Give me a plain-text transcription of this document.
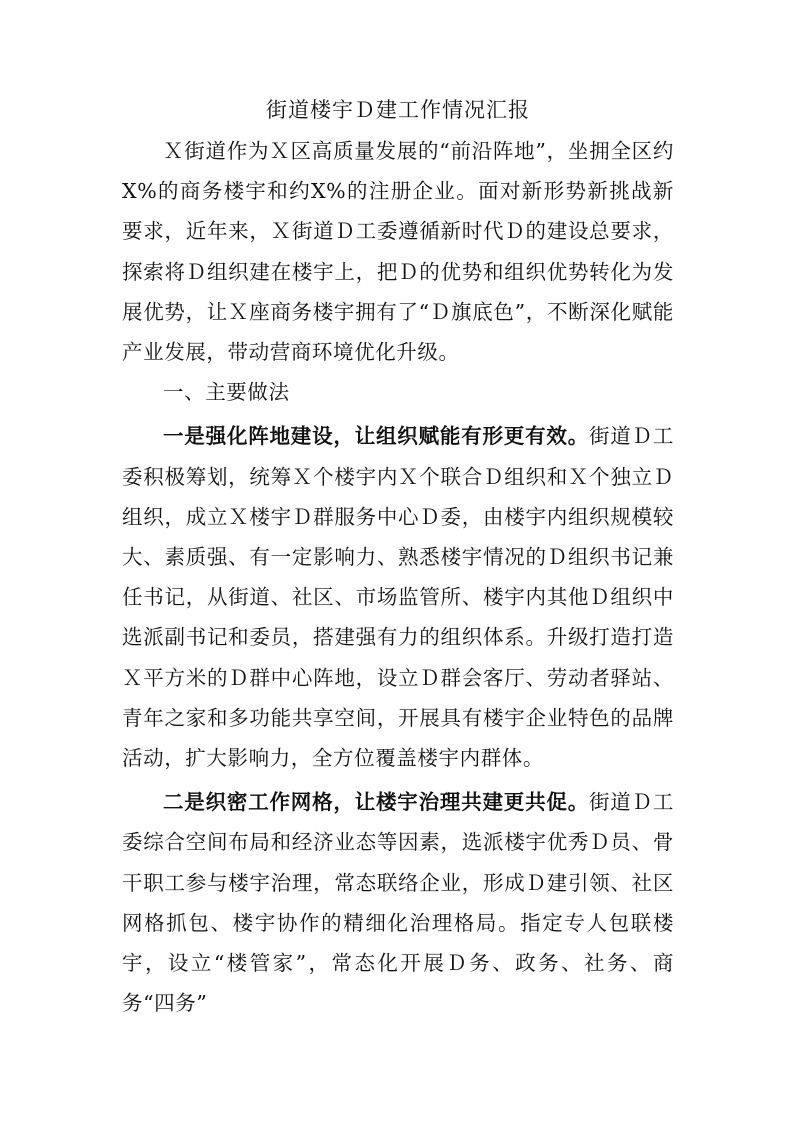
街道楼宇Ｄ建工作情况汇报

Ｘ街道作为Ｘ区高质量发展的“前沿阵地”，坐拥全区约X%的商务楼宇和约X%的注册企业。面对新形势新挑战新要求，近年来，Ｘ街道Ｄ工委遵循新时代Ｄ的建设总要求，探索将Ｄ组织建在楼宇上，把Ｄ的优势和组织优势转化为发展优势，让Ｘ座商务楼宇拥有了“Ｄ旗底色”，不断深化赋能产业发展，带动营商环境优化升级。

一、主要做法

一是强化阵地建设，让组织赋能有形更有效。街道Ｄ工委积极筹划，统筹Ｘ个楼宇内Ｘ个联合Ｄ组织和Ｘ个独立Ｄ组织，成立Ｘ楼宇Ｄ群服务中心Ｄ委，由楼宇内组织规模较大、素质强、有一定影响力、熟悉楼宇情况的Ｄ组织书记兼任书记，从街道、社区、市场监管所、楼宇内其他Ｄ组织中选派副书记和委员，搭建强有力的组织体系。升级打造打造Ｘ平方米的Ｄ群中心阵地，设立Ｄ群会客厅、劳动者驿站、青年之家和多功能共享空间，开展具有楼宇企业特色的品牌活动，扩大影响力，全方位覆盖楼宇内群体。

二是织密工作网格，让楼宇治理共建更共促。街道Ｄ工委综合空间布局和经济业态等因素，选派楼宇优秀Ｄ员、骨干职工参与楼宇治理，常态联络企业，形成Ｄ建引领、社区网格抓包、楼宇协作的精细化治理格局。指定专人包联楼宇，设立“楼管家”，常态化开展Ｄ务、政务、社务、商务“四务”
